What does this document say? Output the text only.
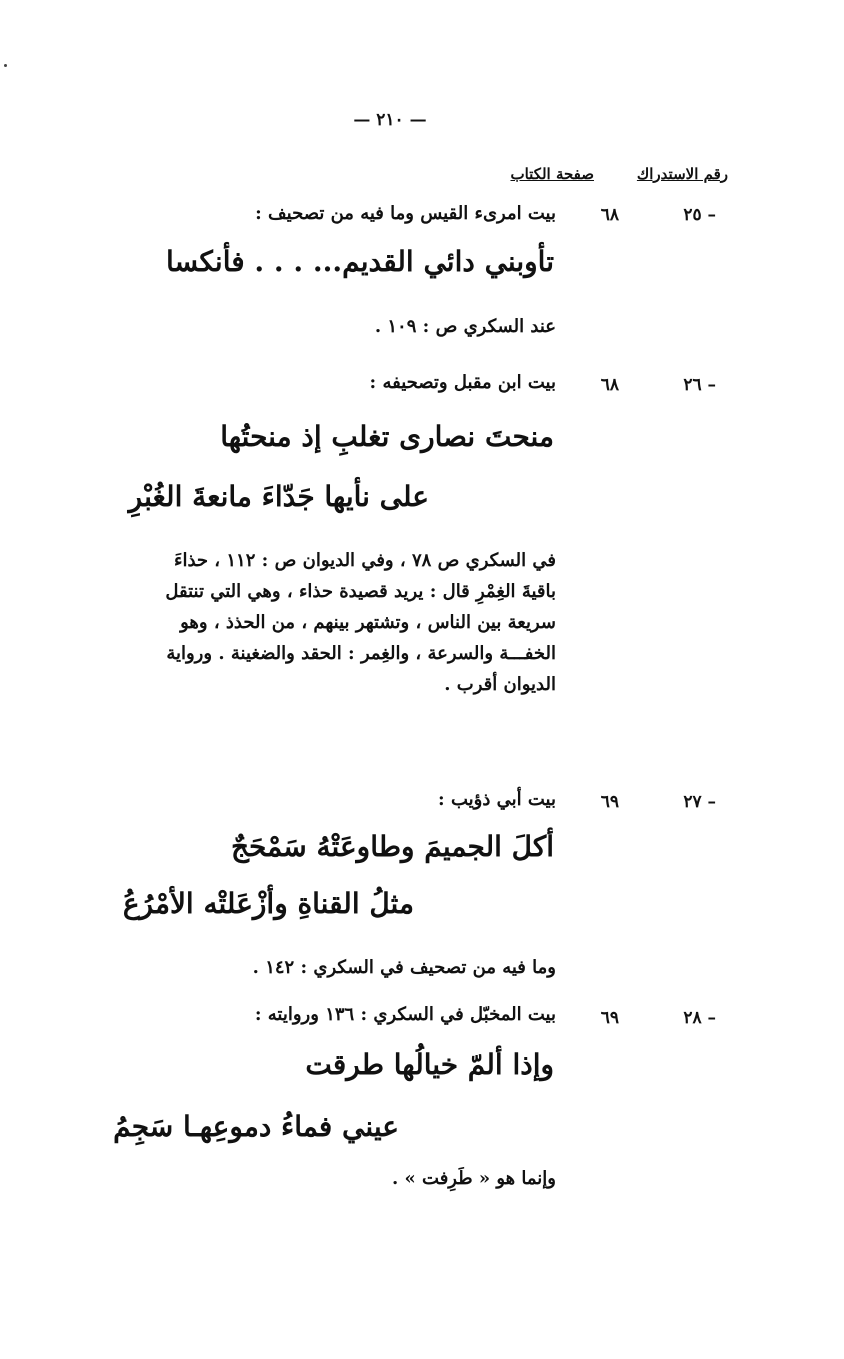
— ٢١٠ —
رقم الاستدراك
صفحة الكتاب
٢٥ –
٦٨
بيت امرىء القيس وما فيه من تصحيف :
تأوبني دائي القديم... . . . فأنكسا
عند السكري ص : ١٠٩ .
٢٦ –
٦٨
بيت ابن مقبل وتصحيفه :
منحتَ نصارى تغلبِ إذ منحتُها
على نأيها جَدّاءَ مانعةَ الغُبْرِ
في السكري ص ٧٨ ، وفي الديوان ص : ١١٢ ، حذاءَ
باقيةَ الغِمْرِ قال : يريد قصيدة حذاء ، وهي التي تنتقل
سريعة بين الناس ، وتشتهر بينهم ، من الحذذ ، وهو
الخفـــة والسرعة ، والغِمر : الحقد والضغينة . ورواية
الديوان أقرب .
٢٧ –
٦٩
بيت أبي ذؤيب :
أكلَ الجميمَ وطاوعَتْهُ سَمْحَجٌ
مثلُ القناةِ وأزْعَلتْه الأمْرُعُ
وما فيه من تصحيف في السكري : ١٤٢ .
٢٨ –
٦٩
بيت المخبّل في السكري : ١٣٦ وروايته :
وإذا ألمّ خيالُها طرقت
عيني فماءُ دموعِهـا سَجِمُ
وإنما هو « طَرِفت » .
